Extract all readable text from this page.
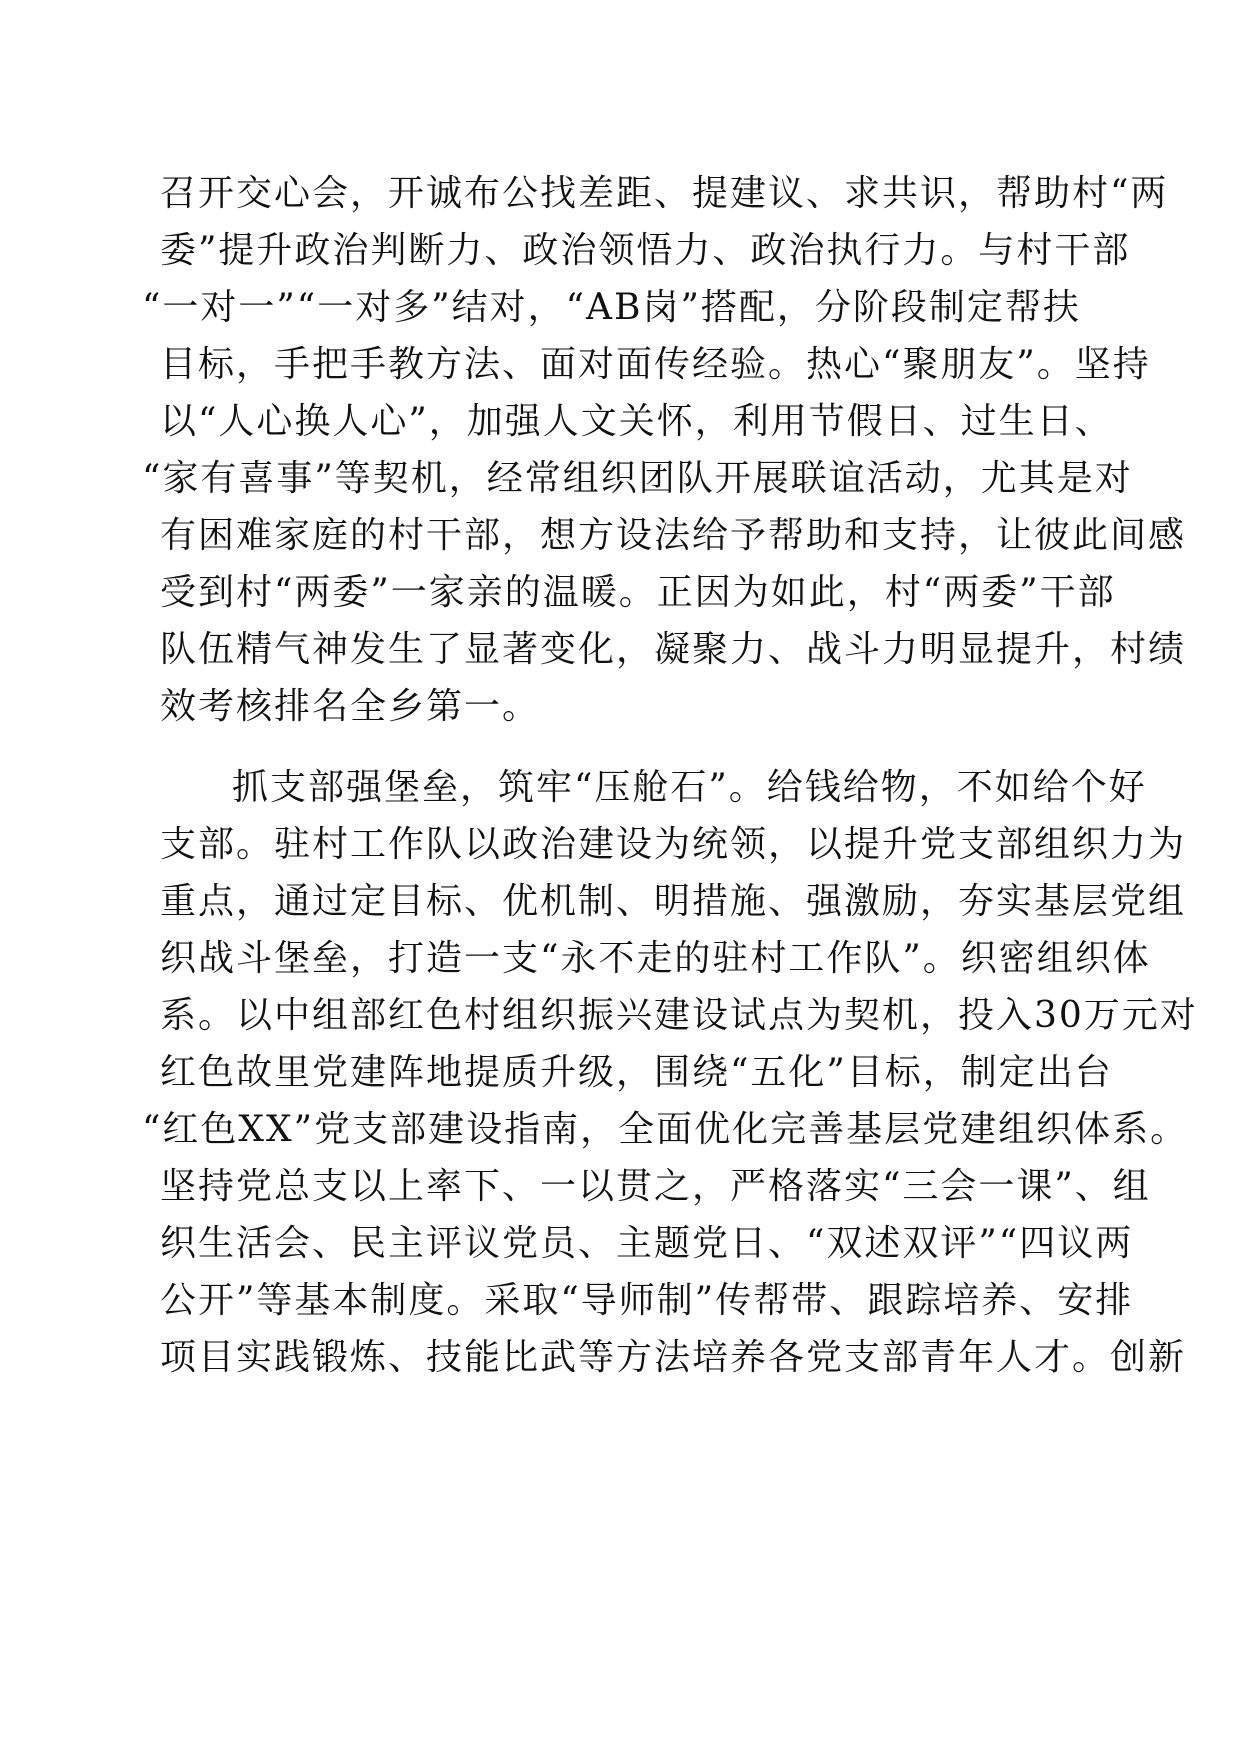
召开交心会，开诚布公找差距、提建议、求共识，帮助村“两
委”提升政治判断力、政治领悟力、政治执行力。与村干部
“一对一”“一对多”结对，“AB岗”搭配，分阶段制定帮扶
目标，手把手教方法、面对面传经验。热心“聚朋友”。坚持
以“人心换人心”，加强人文关怀，利用节假日、过生日、
“家有喜事”等契机，经常组织团队开展联谊活动，尤其是对
有困难家庭的村干部，想方设法给予帮助和支持，让彼此间感
受到村“两委”一家亲的温暖。正因为如此，村“两委”干部
队伍精气神发生了显著变化，凝聚力、战斗力明显提升，村绩
效考核排名全乡第一。
抓支部强堡垒，筑牢“压舱石”。给钱给物，不如给个好
支部。驻村工作队以政治建设为统领，以提升党支部组织力为
重点，通过定目标、优机制、明措施、强激励，夯实基层党组
织战斗堡垒，打造一支“永不走的驻村工作队”。织密组织体
系。以中组部红色村组织振兴建设试点为契机，投入30万元对
红色故里党建阵地提质升级，围绕“五化”目标，制定出台
“红色XX”党支部建设指南，全面优化完善基层党建组织体系。
坚持党总支以上率下、一以贯之，严格落实“三会一课”、组
织生活会、民主评议党员、主题党日、“双述双评”“四议两
公开”等基本制度。采取“导师制”传帮带、跟踪培养、安排
项目实践锻炼、技能比武等方法培养各党支部青年人才。创新
